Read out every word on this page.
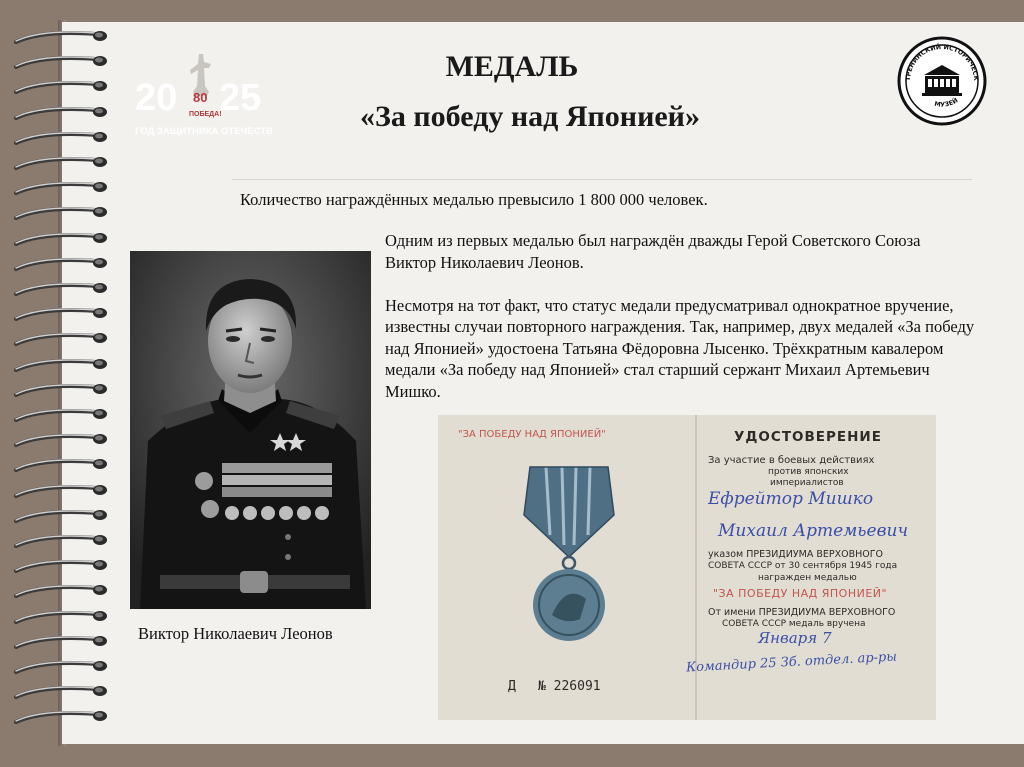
20 25
80
ПОБЕДА!
ГОД ЗАЩИТНИКА ОТЕЧЕСТВА
ТРЕНИНСКИЙ ИСТОРИЧЕСК
МУЗЕЙ
МЕДАЛЬ
«За победу над Японией»
Количество награждённых медалью превысило 1 800 000 человек.

Одним из первых медалью был награждён дважды Герой Советского Союза Виктор Николаевич Леонов.

Несмотря на тот факт, что статус медали предусматривал однократное вручение, известны случаи повторного награждения. Так, например, двух медалей «За победу над Японией» удостоена Татьяна Фёдоровна Лысенко. Трёхкратным кавалером медали «За победу над Японией» стал старший сержант Михаил Артемьевич Мишко.

Виктор Николаевич Леонов
"ЗА ПОБЕДУ НАД ЯПОНИЕЙ"	УДОСТОВЕРЕНИЕ
За участие в боевых действиях
против японских
империалистов
Ефрейтор Мишко
Михаил Артемьевич
указом ПРЕЗИДИУМА ВЕРХОВНОГО
СОВЕТА СССР от 30 сентября 1945 года
награжден медалью
"ЗА ПОБЕДУ НАД ЯПОНИЕЙ"
От имени ПРЕЗИДИУМА ВЕРХОВНОГО
СОВЕТА СССР медаль вручена
Января 7
Командир 25 Зб. отдел. ар-ры
Д № 226091
